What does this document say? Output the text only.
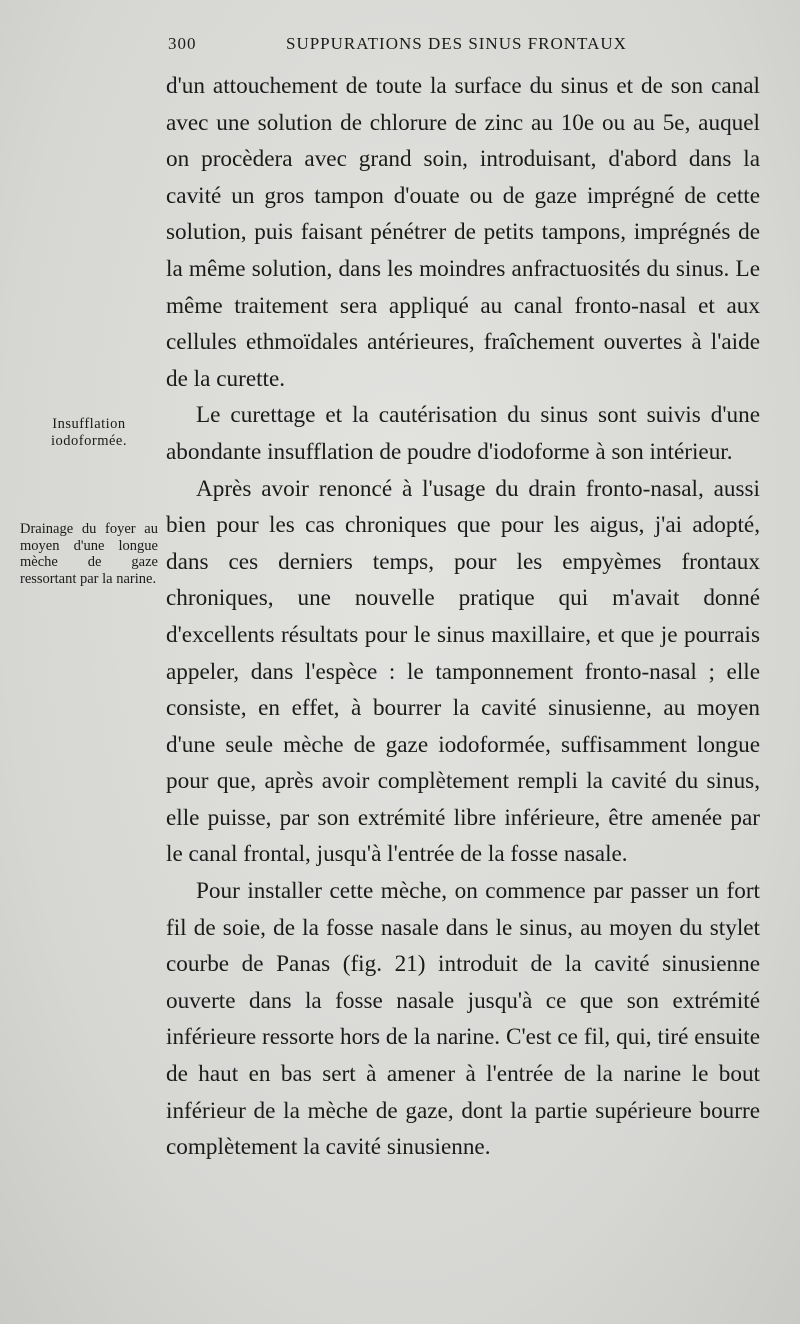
300	SUPPURATIONS DES SINUS FRONTAUX
Insufflation iodoformée.
Drainage du foyer au moyen d'une longue mèche de gaze ressortant par la narine.

d'un attouchement de toute la surface du sinus et de son canal avec une solution de chlorure de zinc au 10e ou au 5e, auquel on procèdera avec grand soin, introduisant, d'abord dans la cavité un gros tampon d'ouate ou de gaze imprégné de cette solution, puis faisant pénétrer de petits tampons, imprégnés de la même solution, dans les moindres anfractuosités du sinus. Le même traitement sera appliqué au canal fronto-nasal et aux cellules ethmoïdales antérieures, fraîchement ouvertes à l'aide de la curette.

Le curettage et la cautérisation du sinus sont suivis d'une abondante insufflation de poudre d'iodoforme à son intérieur.

Après avoir renoncé à l'usage du drain fronto-nasal, aussi bien pour les cas chroniques que pour les aigus, j'ai adopté, dans ces derniers temps, pour les empyèmes frontaux chroniques, une nouvelle pratique qui m'avait donné d'excellents résultats pour le sinus maxillaire, et que je pourrais appeler, dans l'espèce : le tamponnement fronto-nasal ; elle consiste, en effet, à bourrer la cavité sinusienne, au moyen d'une seule mèche de gaze iodoformée, suffisamment longue pour que, après avoir complètement rempli la cavité du sinus, elle puisse, par son extrémité libre inférieure, être amenée par le canal frontal, jusqu'à l'entrée de la fosse nasale.

Pour installer cette mèche, on commence par passer un fort fil de soie, de la fosse nasale dans le sinus, au moyen du stylet courbe de Panas (fig. 21) introduit de la cavité sinusienne ouverte dans la fosse nasale jusqu'à ce que son extrémité inférieure ressorte hors de la narine. C'est ce fil, qui, tiré ensuite de haut en bas sert à amener à l'entrée de la narine le bout inférieur de la mèche de gaze, dont la partie supérieure bourre complètement la cavité sinusienne.
